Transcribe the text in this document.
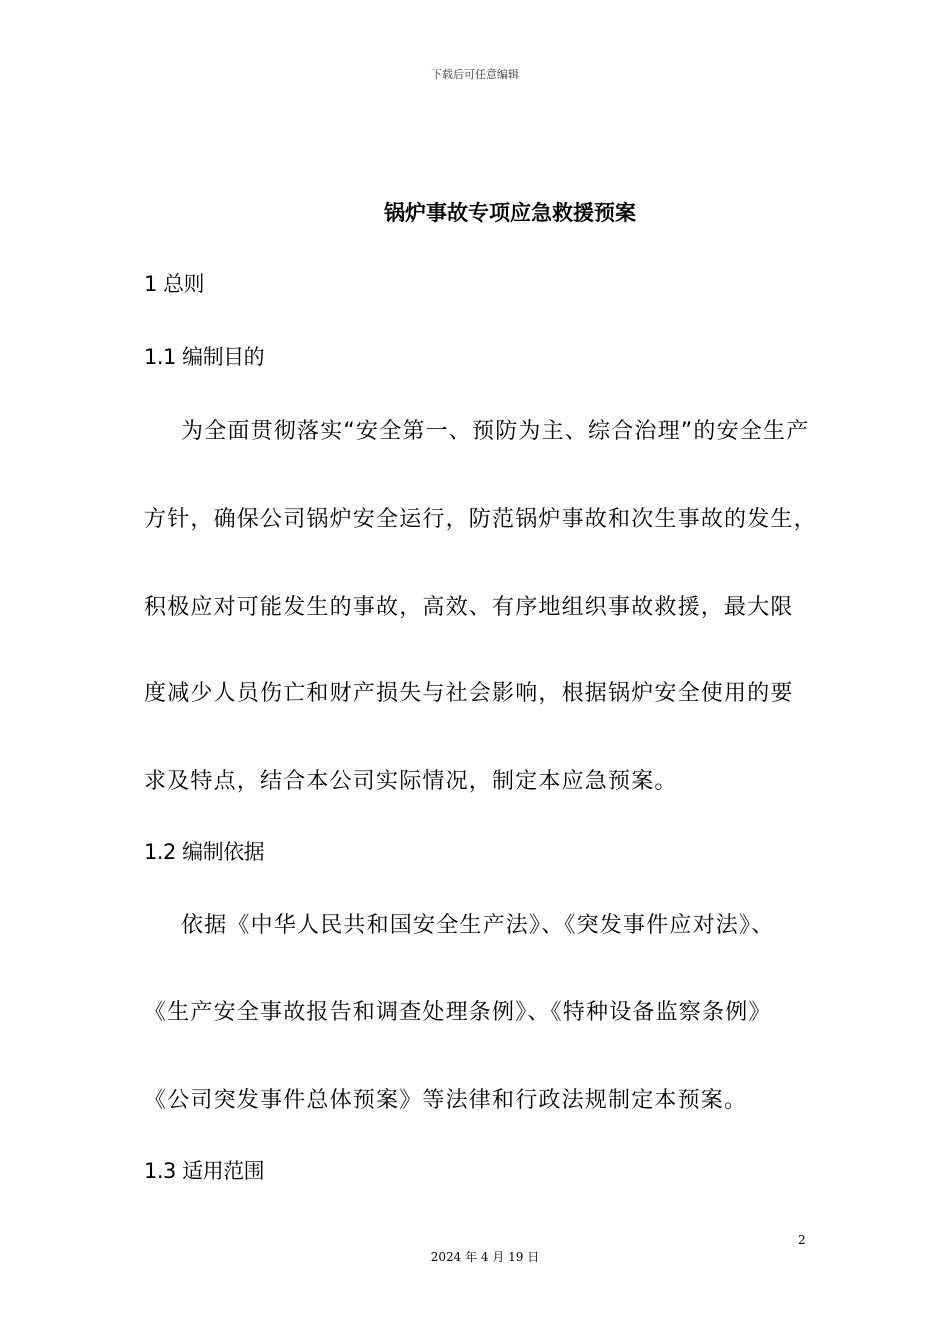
下载后可任意编辑
锅炉事故专项应急救援预案
1 总则
1.1 编制目的
为全面贯彻落实“安全第一、预防为主、综合治理”的安全生产
方针，确保公司锅炉安全运行，防范锅炉事故和次生事故的发生，
积极应对可能发生的事故，高效、有序地组织事故救援，最大限
度减少人员伤亡和财产损失与社会影响，根据锅炉安全使用的要
求及特点，结合本公司实际情况，制定本应急预案。
1.2 编制依据
依据《中华人民共和国安全生产法》、《突发事件应对法》、
《生产安全事故报告和调查处理条例》、《特种设备监察条例》
《公司突发事件总体预案》等法律和行政法规制定本预案。
1.3 适用范围
2
2024 年 4 月 19 日
